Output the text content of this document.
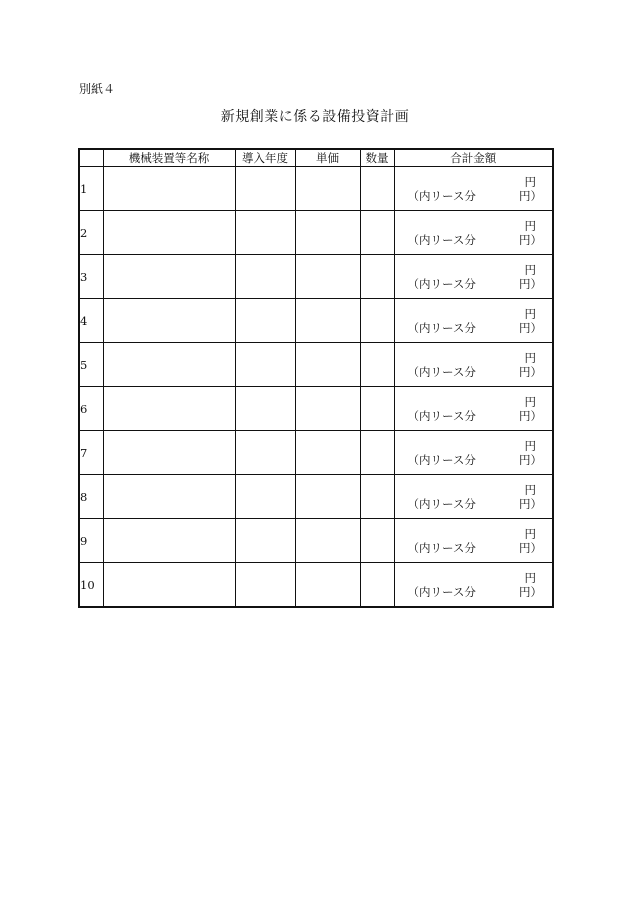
別紙４
新規創業に係る設備投資計画
	機械装置等名称	導入年度	単価	数量	合計金額
1					円
（内リース分 円）

2					円
（内リース分 円）

3					円
（内リース分 円）

4					円
（内リース分 円）

5					円
（内リース分 円）

6					円
（内リース分 円）

7					円
（内リース分 円）

8					円
（内リース分 円）

9					円
（内リース分 円）

10					円
（内リース分 円）
